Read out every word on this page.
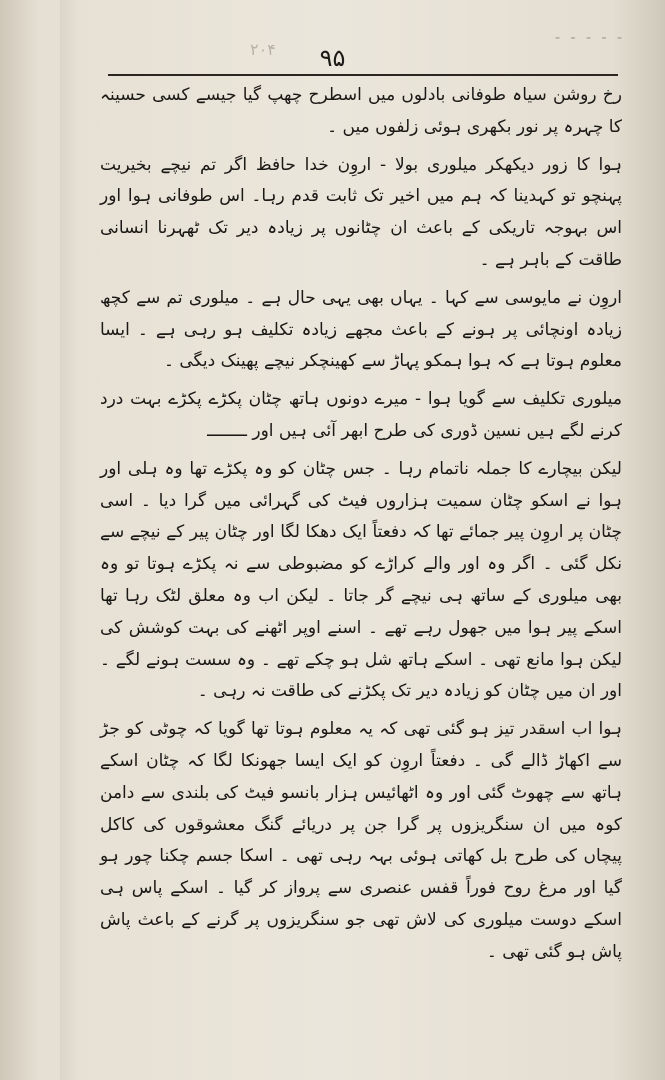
- - - - -
۲۰۴	۹۵

رخ روشن سیاہ طوفانی بادلوں میں اسطرح چھپ گیا جیسے کسی حسینہ کا چہرہ پر نور بکھری ہوئی زلفوں میں ۔

ہوا کا زور دیکھکر میلوری بولا - اروِن خدا حافظ اگر تم نیچے بخیریت پہنچو تو کہدینا کہ ہم میں اخیر تک ثابت قدم رہا۔ اس طوفانی ہوا اور اس بہوجہ تاریکی کے باعث ان چٹانوں پر زیادہ دیر تک ٹھہرنا انسانی طاقت کے باہر ہے ۔

اروِن نے مایوسی سے کہا ۔ یہاں بھی یہی حال ہے ۔ میلوری تم سے کچھ زیادہ اونچائی پر ہونے کے باعث مجھے زیادہ تکلیف ہو رہی ہے ۔ ایسا معلوم ہوتا ہے کہ ہوا ہمکو پہاڑ سے کھینچکر نیچے پھینک دیگی ۔

میلوری تکلیف سے گویا ہوا - میرے دونوں ہاتھ چٹان پکڑے پکڑے بہت درد کرنے لگے ہیں نسین ڈوری کی طرح ابھر آئی ہیں اور ــــــــ

لیکن بیچارے کا جملہ ناتمام رہا ۔ جس چٹان کو وہ پکڑے تھا وہ ہلی اور ہوا نے اسکو چٹان سمیت ہزاروں فیٹ کی گہرائی میں گرا دیا ۔ اسی چٹان پر اروِن پیر جمائے تھا کہ دفعتاً ایک دھکا لگا اور چٹان پیر کے نیچے سے نکل گئی ۔ اگر وہ اور والے کراڑے کو مضبوطی سے نہ پکڑے ہوتا تو وہ بھی میلوری کے ساتھ ہی نیچے گر جاتا ۔ لیکن اب وہ معلق لٹک رہا تھا اسکے پیر ہوا میں جھول رہے تھے ۔ اسنے اوپر اٹھنے کی بہت کوشش کی لیکن ہوا مانع تھی ۔ اسکے ہاتھ شل ہو چکے تھے ۔ وہ سست ہونے لگے ۔ اور ان میں چٹان کو زیادہ دیر تک پکڑنے کی طاقت نہ رہی ۔

ہوا اب اسقدر تیز ہو گئی تھی کہ یہ معلوم ہوتا تھا گویا کہ چوٹی کو جڑ سے اکھاڑ ڈالے گی ۔ دفعتاً اروِن کو ایک ایسا جھونکا لگا کہ چٹان اسکے ہاتھ سے چھوٹ گئی اور وہ اٹھائیس ہزار بانسو فیٹ کی بلندی سے دامن کوہ میں ان سنگریزوں پر گرا جن پر دریائے گنگ معشوقوں کی کاکل پیچاں کی طرح بل کھاتی ہوئی بہہ رہی تھی ۔ اسکا جسم چکنا چور ہو گیا اور مرغ روح فوراً قفس عنصری سے پرواز کر گیا ۔ اسکے پاس ہی اسکے دوست میلوری کی لاش تھی جو سنگریزوں پر گرنے کے باعث پاش پاش ہو گئی تھی ۔
